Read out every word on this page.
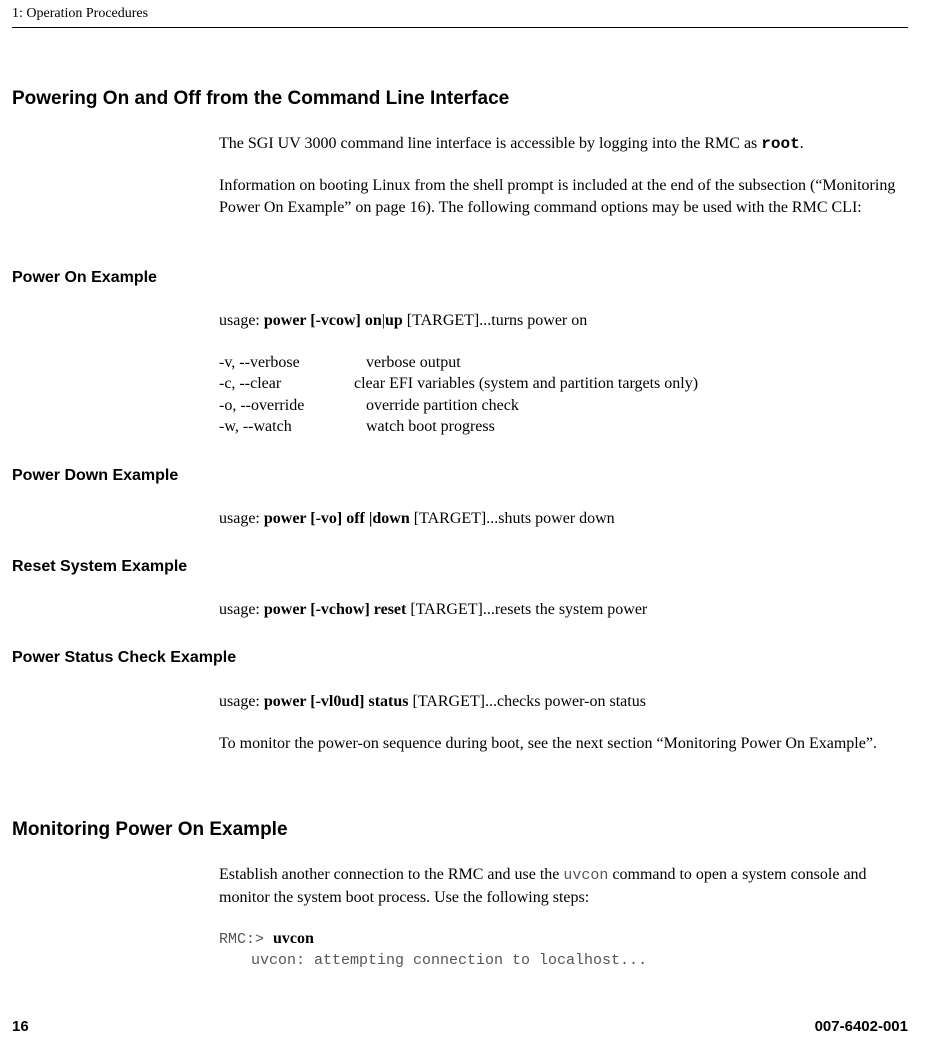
1: Operation Procedures
Powering On and Off from the Command Line Interface

The SGI UV 3000 command line interface is accessible by logging into the RMC as root.

Information on booting Linux from the shell prompt is included at the end of the subsection (“Monitoring Power On Example” on page 16). The following command options may be used with the RMC CLI:

Power On Example

usage: power [-vcow] on|up [TARGET]...turns power on

-v, --verbose	verbose output
-c, --clear	clear EFI variables (system and partition targets only)
-o, --override	override partition check
-w, --watch	watch boot progress
Power Down Example

usage: power [-vo] off |down [TARGET]...shuts power down

Reset System Example

usage: power [-vchow] reset [TARGET]...resets the system power

Power Status Check Example

usage: power [-vl0ud] status [TARGET]...checks power-on status

To monitor the power-on sequence during boot, see the next section “Monitoring Power On Example”.

Monitoring Power On Example

Establish another connection to the RMC and use the uvcon command to open a system console and monitor the system boot process. Use the following steps:

RMC:> uvcon
uvcon: attempting connection to localhost...
16	007-6402-001
